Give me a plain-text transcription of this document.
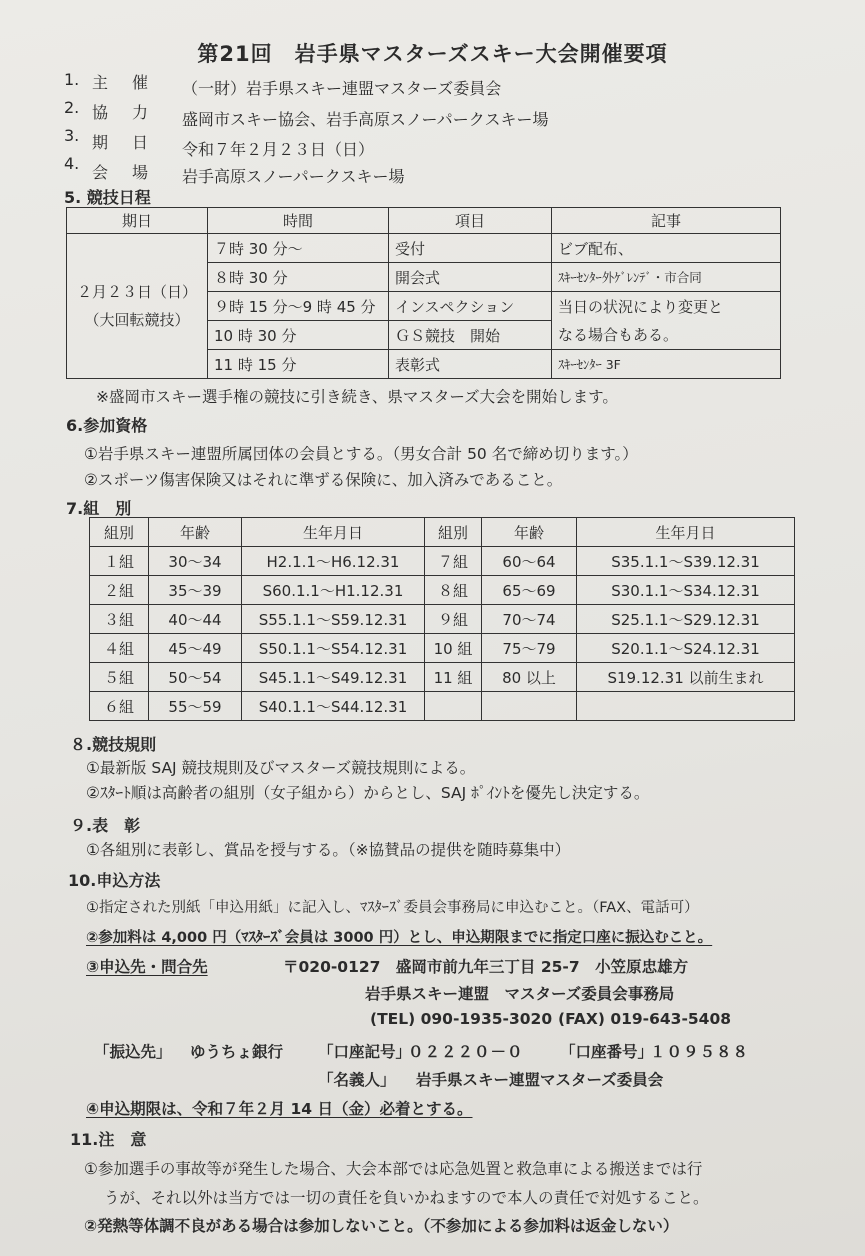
第21回　岩手県マスターズスキー大会開催要項
1. 主　催 （一財）岩手県スキー連盟マスターズ委員会
2. 協　力 盛岡市スキー協会、岩手高原スノーパークスキー場
3. 期　日 令和７年２月２３日（日）
4. 会　場 岩手高原スノーパークスキー場
5. 競技日程
期日	時間	項目	記事

２月２３日（日）
（大回転競技）	７時 30 分～	受付	ビブ配布、
	８時 30 分	開会式	ｽｷｰｾﾝﾀｰ外ｹﾞﾚﾝﾃﾞ・市合同
	９時 15 分～9 時 45 分	インスペクション	当日の状況により変更と
なる場合もある。

	10 時 30 分	ＧＳ競技　開始	
	11 時 15 分	表彰式	ｽｷｰｾﾝﾀｰ 3F
※盛岡市スキー選手権の競技に引き続き、県マスターズ大会を開始します。
6.参加資格
①岩手県スキー連盟所属団体の会員とする。（男女合計 50 名で締め切ります。）
②スポーツ傷害保険又はそれに準ずる保険に、加入済みであること。
7.組　別
組別	年齢	生年月日	組別	年齢	生年月日
１組	30～34	H2.1.1～H6.12.31	７組	60～64	S35.1.1～S39.12.31
２組	35～39	S60.1.1～H1.12.31	８組	65～69	S30.1.1～S34.12.31
３組	40～44	S55.1.1～S59.12.31	９組	70～74	S25.1.1～S29.12.31
４組	45～49	S50.1.1～S54.12.31	10 組	75～79	S20.1.1～S24.12.31
５組	50～54	S45.1.1～S49.12.31	11 組	80 以上	S19.12.31 以前生まれ
６組	55～59	S40.1.1～S44.12.31			
８.競技規則
①最新版 SAJ 競技規則及びマスターズ競技規則による。
②ｽﾀｰﾄ順は高齢者の組別（女子組から）からとし、SAJ ﾎﾟｲﾝﾄを優先し決定する。
９.表　彰
①各組別に表彰し、賞品を授与する。（※協賛品の提供を随時募集中）
10.申込方法
①指定された別紙「申込用紙」に記入し、ﾏｽﾀｰｽﾞ委員会事務局に申込むこと。（FAX、電話可）
②参加料は 4,000 円（ﾏｽﾀｰｽﾞ会員は 3000 円）とし、申込期限までに指定口座に振込むこと。
③申込先・問合先	〒020-0127　盛岡市前九年三丁目 25-7　小笠原忠雄方
岩手県スキー連盟　マスターズ委員会事務局
(TEL) 090-1935-3020 (FAX) 019-643-5408
「振込先」 ゆうちょ銀行 「口座記号」
０２２２０－０ 「口座番号」
１０９５８８
「名義人」 岩手県スキー連盟マスターズ委員会
④申込期限は、令和７年２月 14 日（金）必着とする。
11.注　意
①参加選手の事故等が発生した場合、大会本部では応急処置と救急車による搬送までは行
うが、それ以外は当方では一切の責任を負いかねますので本人の責任で対処すること。
②発熱等体調不良がある場合は参加しないこと。（不参加による参加料は返金しない）
